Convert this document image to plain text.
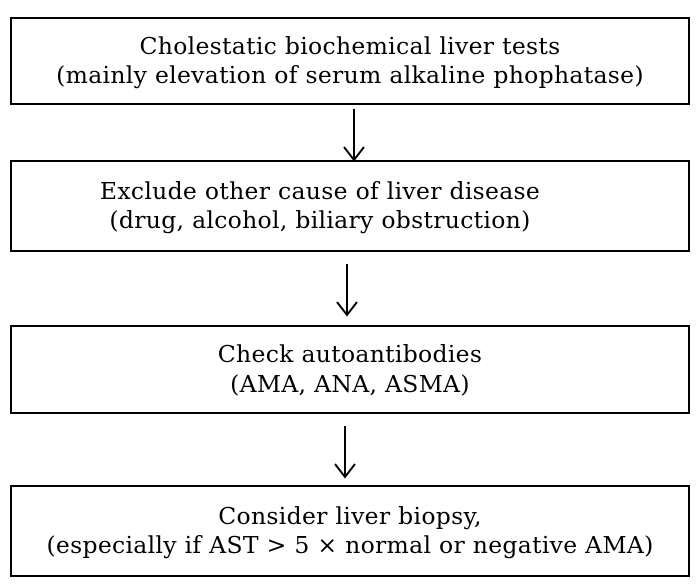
Cholestatic biochemical liver tests
(mainly elevation of serum alkaline phophatase)
Exclude other cause of liver disease
(drug, alcohol, biliary obstruction)
Check autoantibodies
(AMA, ANA, ASMA)
Consider liver biopsy,
(especially if AST > 5 × normal or negative AMA)
